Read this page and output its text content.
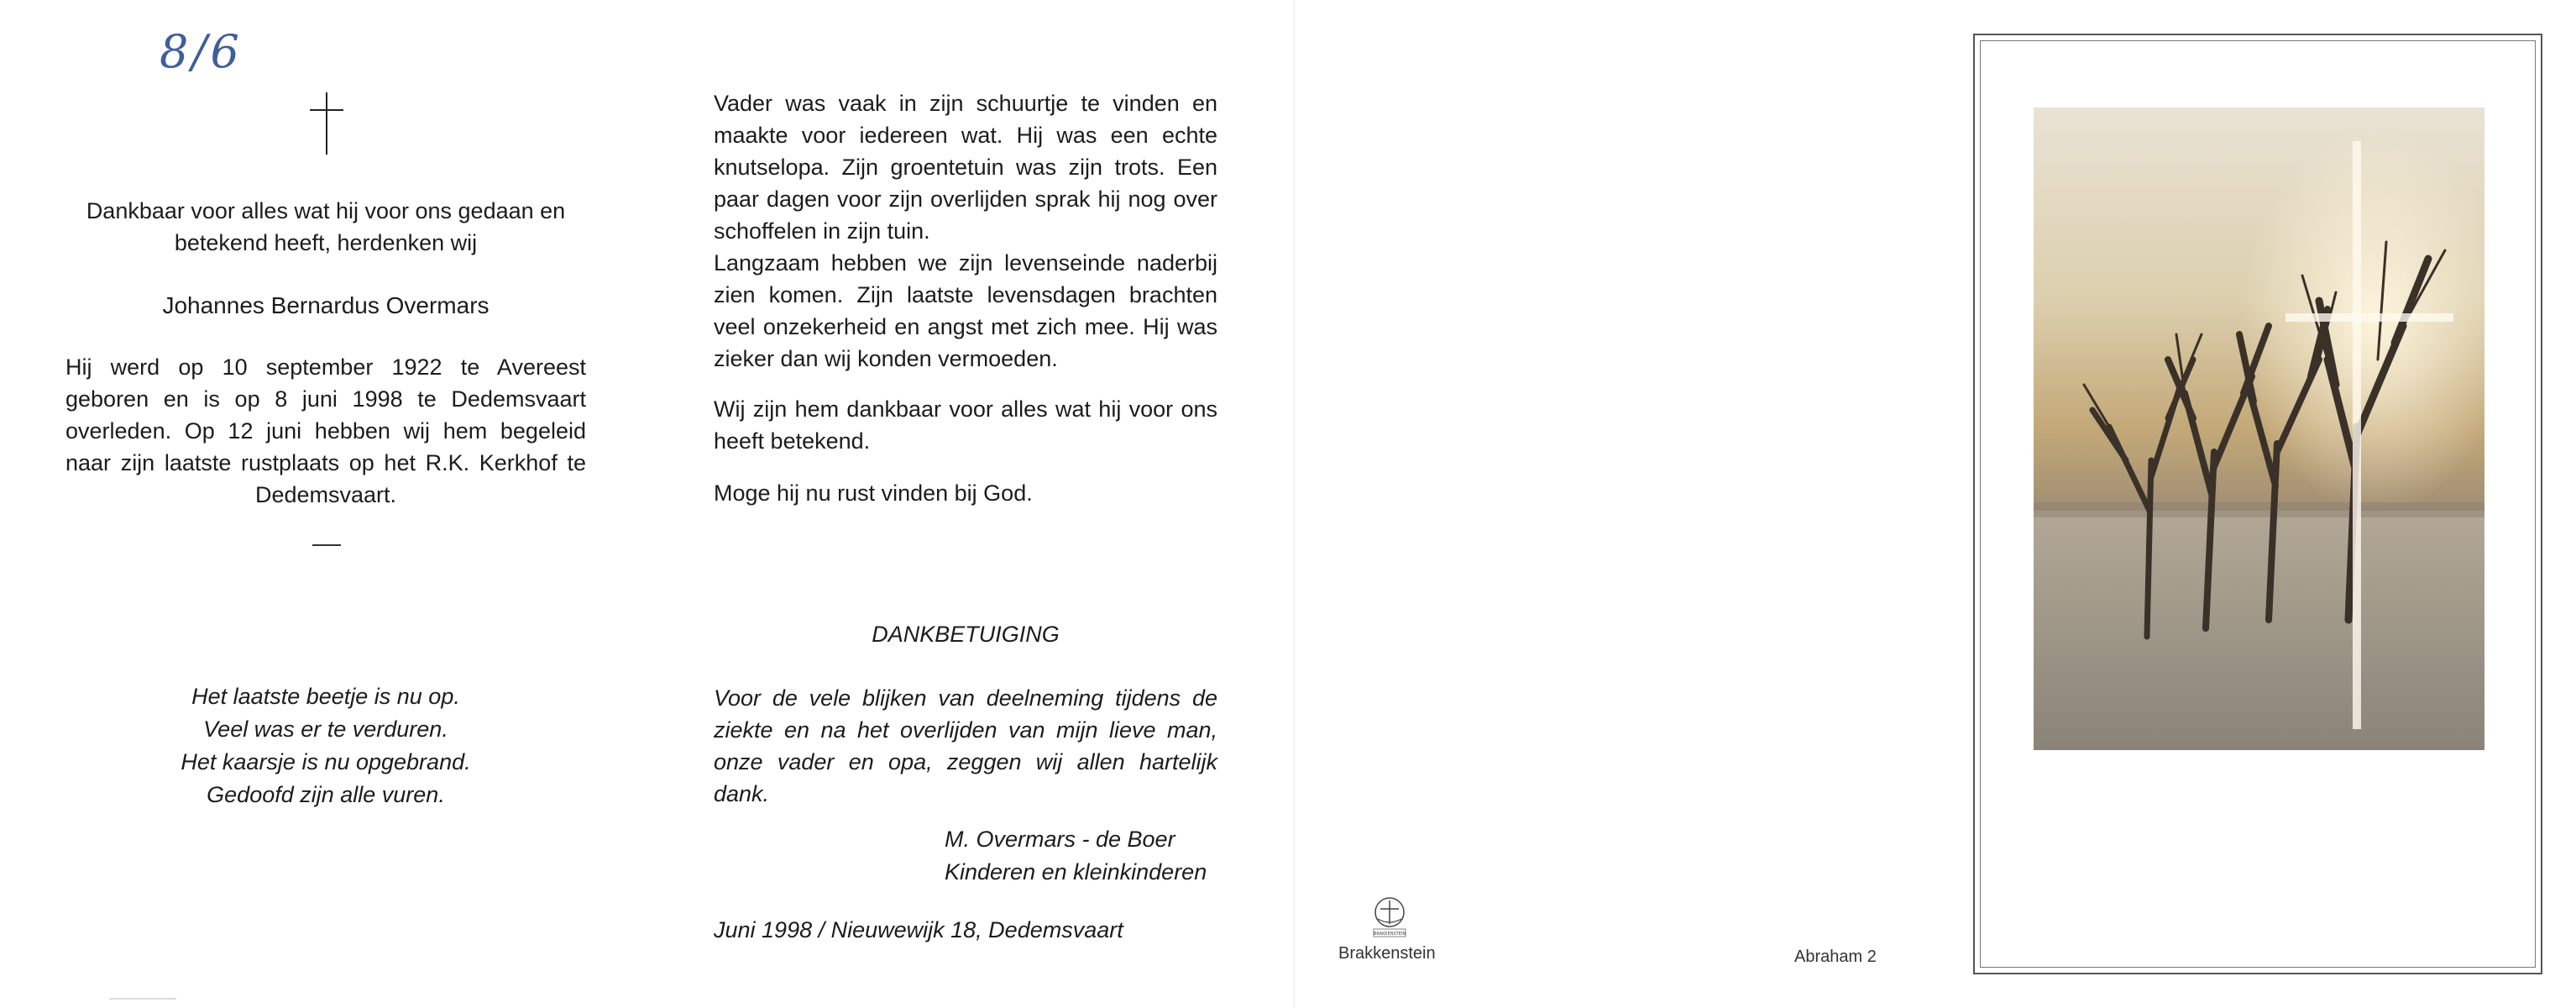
8/6
Dankbaar voor alles wat hij voor ons gedaan en betekend heeft, herdenken wij
Johannes Bernardus Overmars
Hij werd op 10 september 1922 te Avereest geboren en is op 8 juni 1998 te Dedemsvaart overleden. Op 12 juni hebben wij hem begeleid naar zijn laatste rustplaats op het R.K. Kerkhof te Dedemsvaart.
Het laatste beetje is nu op.
Veel was er te verduren.
Het kaarsje is nu opgebrand.
Gedoofd zijn alle vuren.
Vader was vaak in zijn schuurtje te vinden en maakte voor iedereen wat. Hij was een echte knutselopa. Zijn groentetuin was zijn trots. Een paar dagen voor zijn overlijden sprak hij nog over schoffelen in zijn tuin.
Langzaam hebben we zijn levenseinde naderbij zien komen. Zijn laatste levensdagen brachten veel onzekerheid en angst met zich mee. Hij was zieker dan wij konden vermoeden.
Wij zijn hem dankbaar voor alles wat hij voor ons heeft betekend.
Moge hij nu rust vinden bij God.
DANKBETUIGING
Voor de vele blijken van deelneming tijdens de ziekte en na het overlijden van mijn lieve man, onze vader en opa, zeggen wij allen hartelijk dank.
M. Overmars - de Boer
Kinderen en kleinkinderen
Juni 1998 / Nieuwewijk 18, Dedemsvaart	BRAKKENSTEIN
Brakkenstein	Abraham 2
